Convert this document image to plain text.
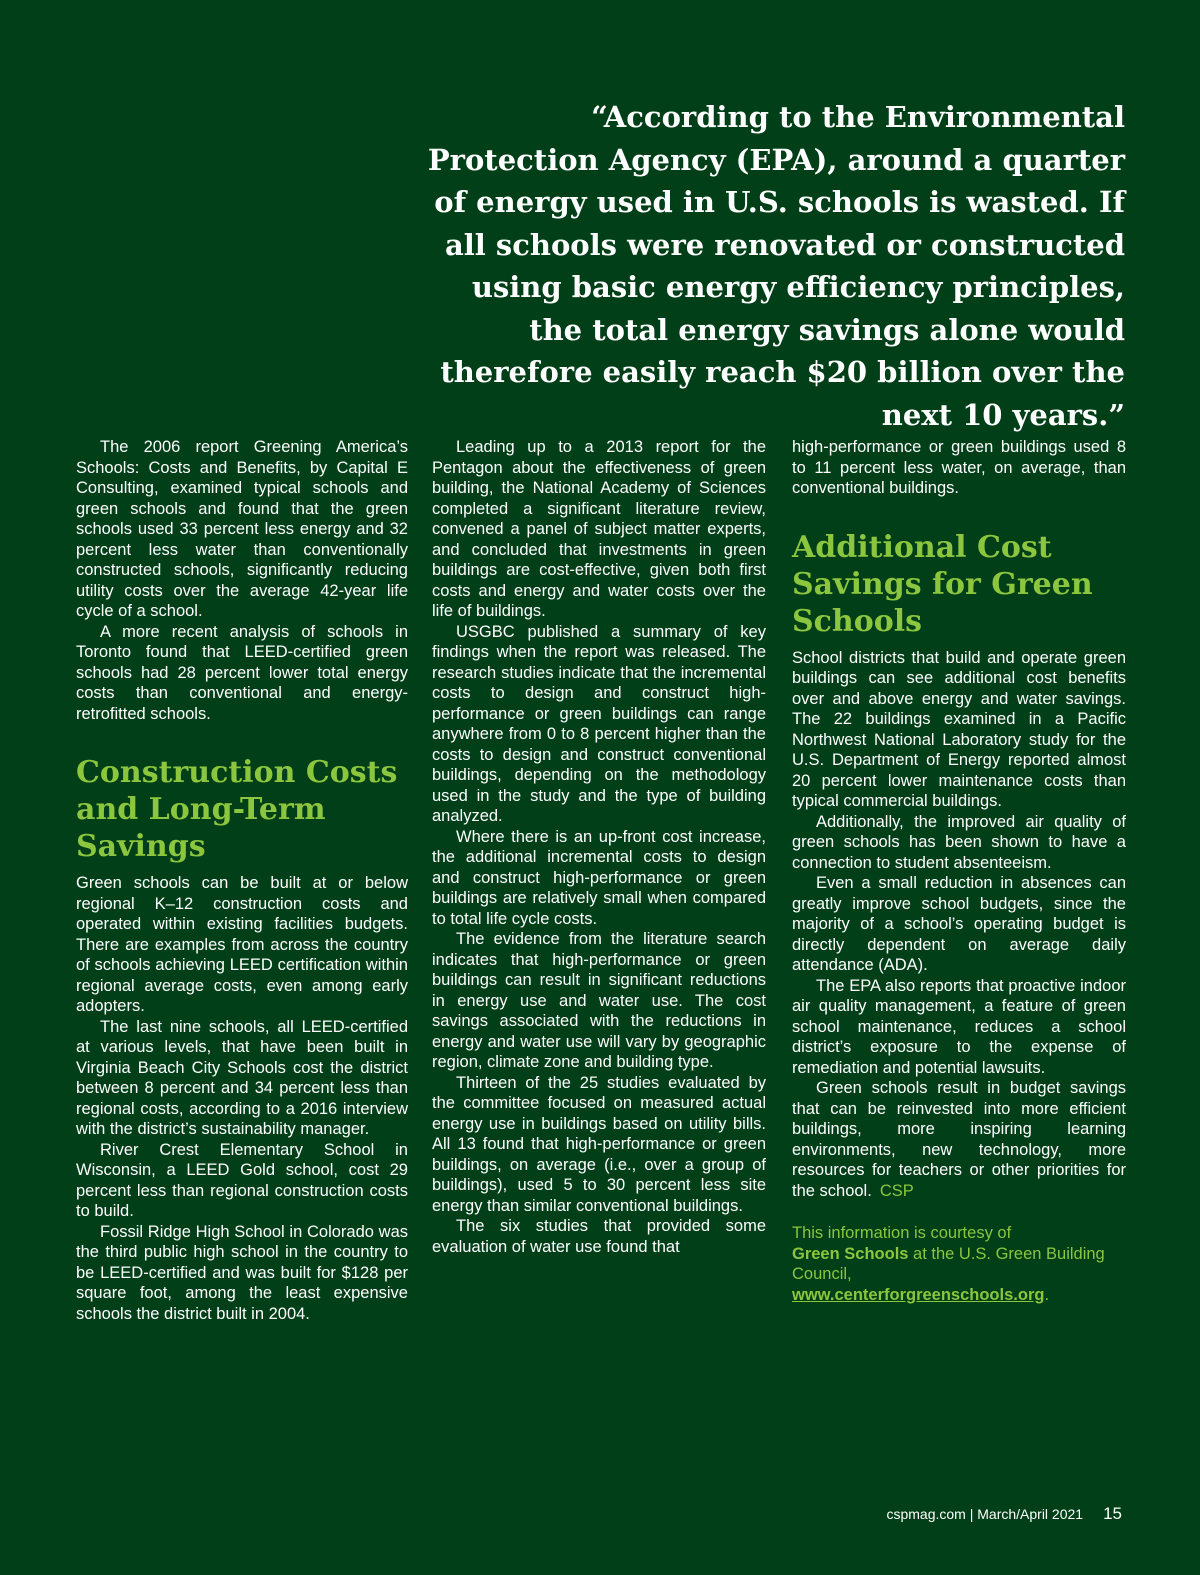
“According to the Environmental Protection Agency (EPA), around a quarter of energy used in U.S. schools is wasted. If all schools were renovated or constructed using basic energy efficiency principles, the total energy savings alone would therefore easily reach $20 billion over the next 10 years.”

The 2006 report Greening America’s Schools: Costs and Benefits, by Capital E Consulting, examined typical schools and green schools and found that the green schools used 33 percent less energy and 32 percent less water than conventionally constructed schools, significantly reducing utility costs over the average 42-year life cycle of a school.

A more recent analysis of schools in Toronto found that LEED-certified green schools had 28 percent lower total energy costs than conventional and energy-retrofitted schools.

Construction Costs and Long-Term Savings

Green schools can be built at or below regional K–12 construction costs and operated within existing facilities budgets. There are examples from across the country of schools achieving LEED certification within regional average costs, even among early adopters.

The last nine schools, all LEED-certified at various levels, that have been built in Virginia Beach City Schools cost the district between 8 percent and 34 percent less than regional costs, according to a 2016 interview with the district’s sustainability manager.

River Crest Elementary School in Wisconsin, a LEED Gold school, cost 29 percent less than regional construction costs to build.

Fossil Ridge High School in Colorado was the third public high school in the country to be LEED-certified and was built for $128 per square foot, among the least expensive schools the district built in 2004.

Leading up to a 2013 report for the Pentagon about the effectiveness of green building, the National Academy of Sciences completed a significant literature review, convened a panel of subject matter experts, and concluded that investments in green buildings are cost-effective, given both first costs and energy and water costs over the life of buildings.

USGBC published a summary of key findings when the report was released. The research studies indicate that the incremental costs to design and construct high-performance or green buildings can range anywhere from 0 to 8 percent higher than the costs to design and construct conventional buildings, depending on the methodology used in the study and the type of building analyzed.

Where there is an up-front cost increase, the additional incremental costs to design and construct high-performance or green buildings are relatively small when compared to total life cycle costs.

The evidence from the literature search indicates that high-performance or green buildings can result in significant reductions in energy use and water use. The cost savings associated with the reductions in energy and water use will vary by geographic region, climate zone and building type.

Thirteen of the 25 studies evaluated by the committee focused on measured actual energy use in buildings based on utility bills. All 13 found that high-performance or green buildings, on average (i.e., over a group of buildings), used 5 to 30 percent less site energy than similar conventional buildings.

The six studies that provided some evaluation of water use found that

high-performance or green buildings used 8 to 11 percent less water, on average, than conventional buildings.

Additional Cost Savings for Green Schools

School districts that build and operate green buildings can see additional cost benefits over and above energy and water savings. The 22 buildings examined in a Pacific Northwest National Laboratory study for the U.S. Department of Energy reported almost 20 percent lower maintenance costs than typical commercial buildings.

Additionally, the improved air quality of green schools has been shown to have a connection to student absenteeism.

Even a small reduction in absences can greatly improve school budgets, since the majority of a school’s operating budget is directly dependent on average daily attendance (ADA).

The EPA also reports that proactive indoor air quality management, a feature of green school maintenance, reduces a school district’s exposure to the expense of remediation and potential lawsuits.

Green schools result in budget savings that can be reinvested into more efficient buildings, more inspiring learning environments, new technology, more resources for teachers or other priorities for the school. CSP

This information is courtesy of
Green Schools at the U.S. Green Building Council,
www.centerforgreenschools.org.
cspmag.com | March/April 2021 15
